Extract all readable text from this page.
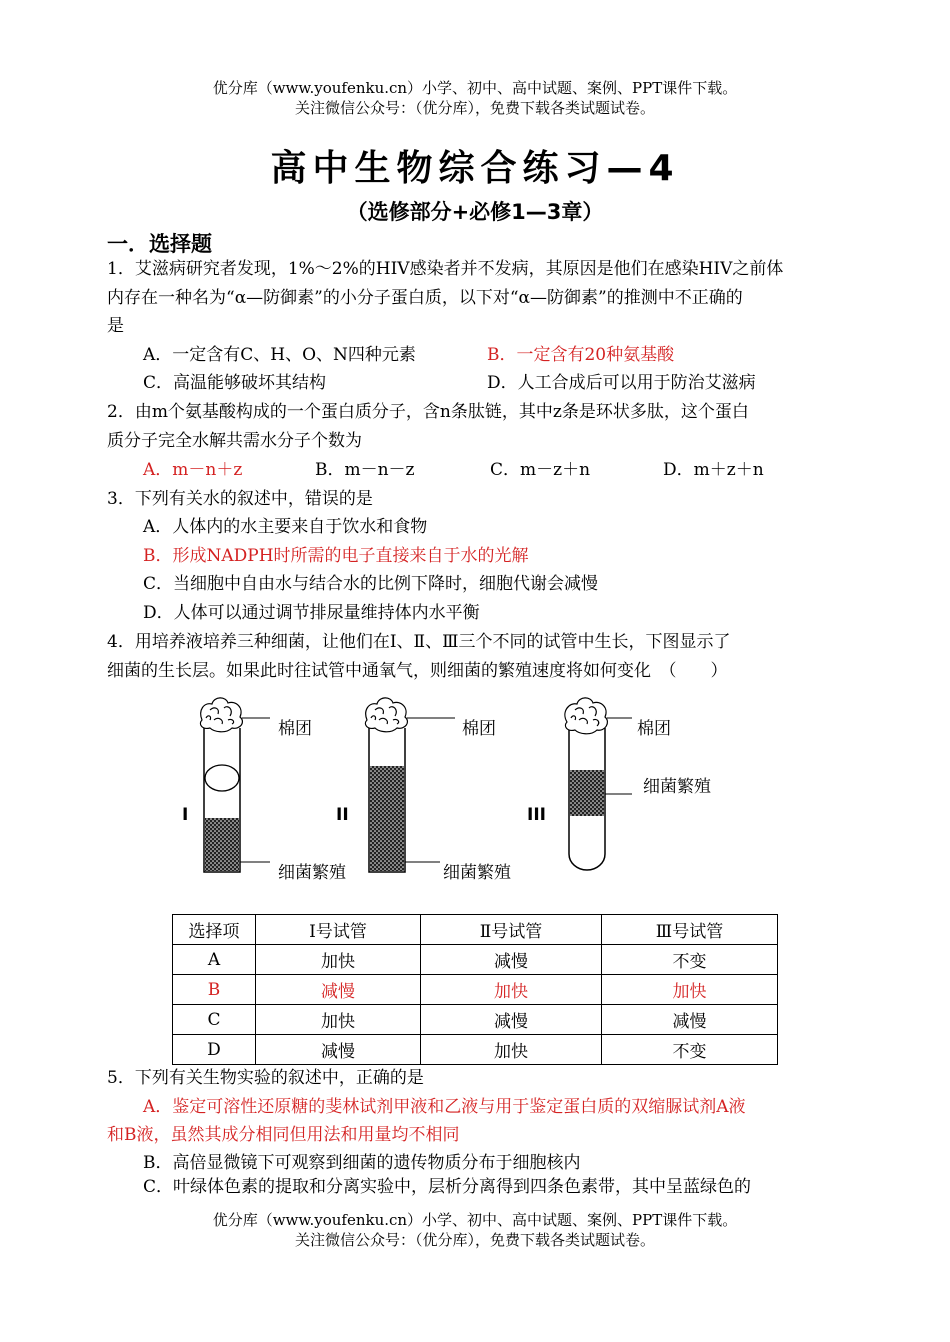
优分库（www.youfenku.cn）小学、初中、高中试题、案例、PPT课件下载。
关注微信公众号：（优分库），免费下载各类试题试卷。
高中生物综合练习—4
（选修部分+必修1—3章）
一．选择题
1．艾滋病研究者发现，1%～2%的HIV感染者并不发病，其原因是他们在感染HIV之前体
内存在一种名为“α—防御素”的小分子蛋白质，以下对“α—防御素”的推测中不正确的
是
A．一定含有C、H、O、N四种元素	B．一定含有20种氨基酸
C．高温能够破坏其结构	D．人工合成后可以用于防治艾滋病
2．由m个氨基酸构成的一个蛋白质分子，含n条肽链，其中z条是环状多肽，这个蛋白
质分子完全水解共需水分子个数为
A．m－n＋z	B．m－n－z	C．m－z＋n	D．m＋z＋n
3．下列有关水的叙述中，错误的是
A．人体内的水主要来自于饮水和食物
B．形成NADPH时所需的电子直接来自于水的光解
C．当细胞中自由水与结合水的比例下降时，细胞代谢会减慢
D．人体可以通过调节排尿量维持体内水平衡
4．用培养液培养三种细菌，让他们在Ⅰ、Ⅱ、Ⅲ三个不同的试管中生长，下图显示了
细菌的生长层。如果此时往试管中通氧气，则细菌的繁殖速度将如何变化　（　　）
I
棉团
细菌繁殖
II
棉团
细菌繁殖
III
棉团
细菌繁殖
选择项	Ⅰ号试管	Ⅱ号试管	Ⅲ号试管
A	加快	减慢	不变
B	减慢	加快	加快
C	加快	减慢	减慢
D	减慢	加快	不变
5．下列有关生物实验的叙述中，正确的是
A．鉴定可溶性还原糖的斐林试剂甲液和乙液与用于鉴定蛋白质的双缩脲试剂A液
和B液，虽然其成分相同但用法和用量均不相同
B．高倍显微镜下可观察到细菌的遗传物质分布于细胞核内
C．叶绿体色素的提取和分离实验中，层析分离得到四条色素带，其中呈蓝绿色的
优分库（www.youfenku.cn）小学、初中、高中试题、案例、PPT课件下载。
关注微信公众号：（优分库），免费下载各类试题试卷。
